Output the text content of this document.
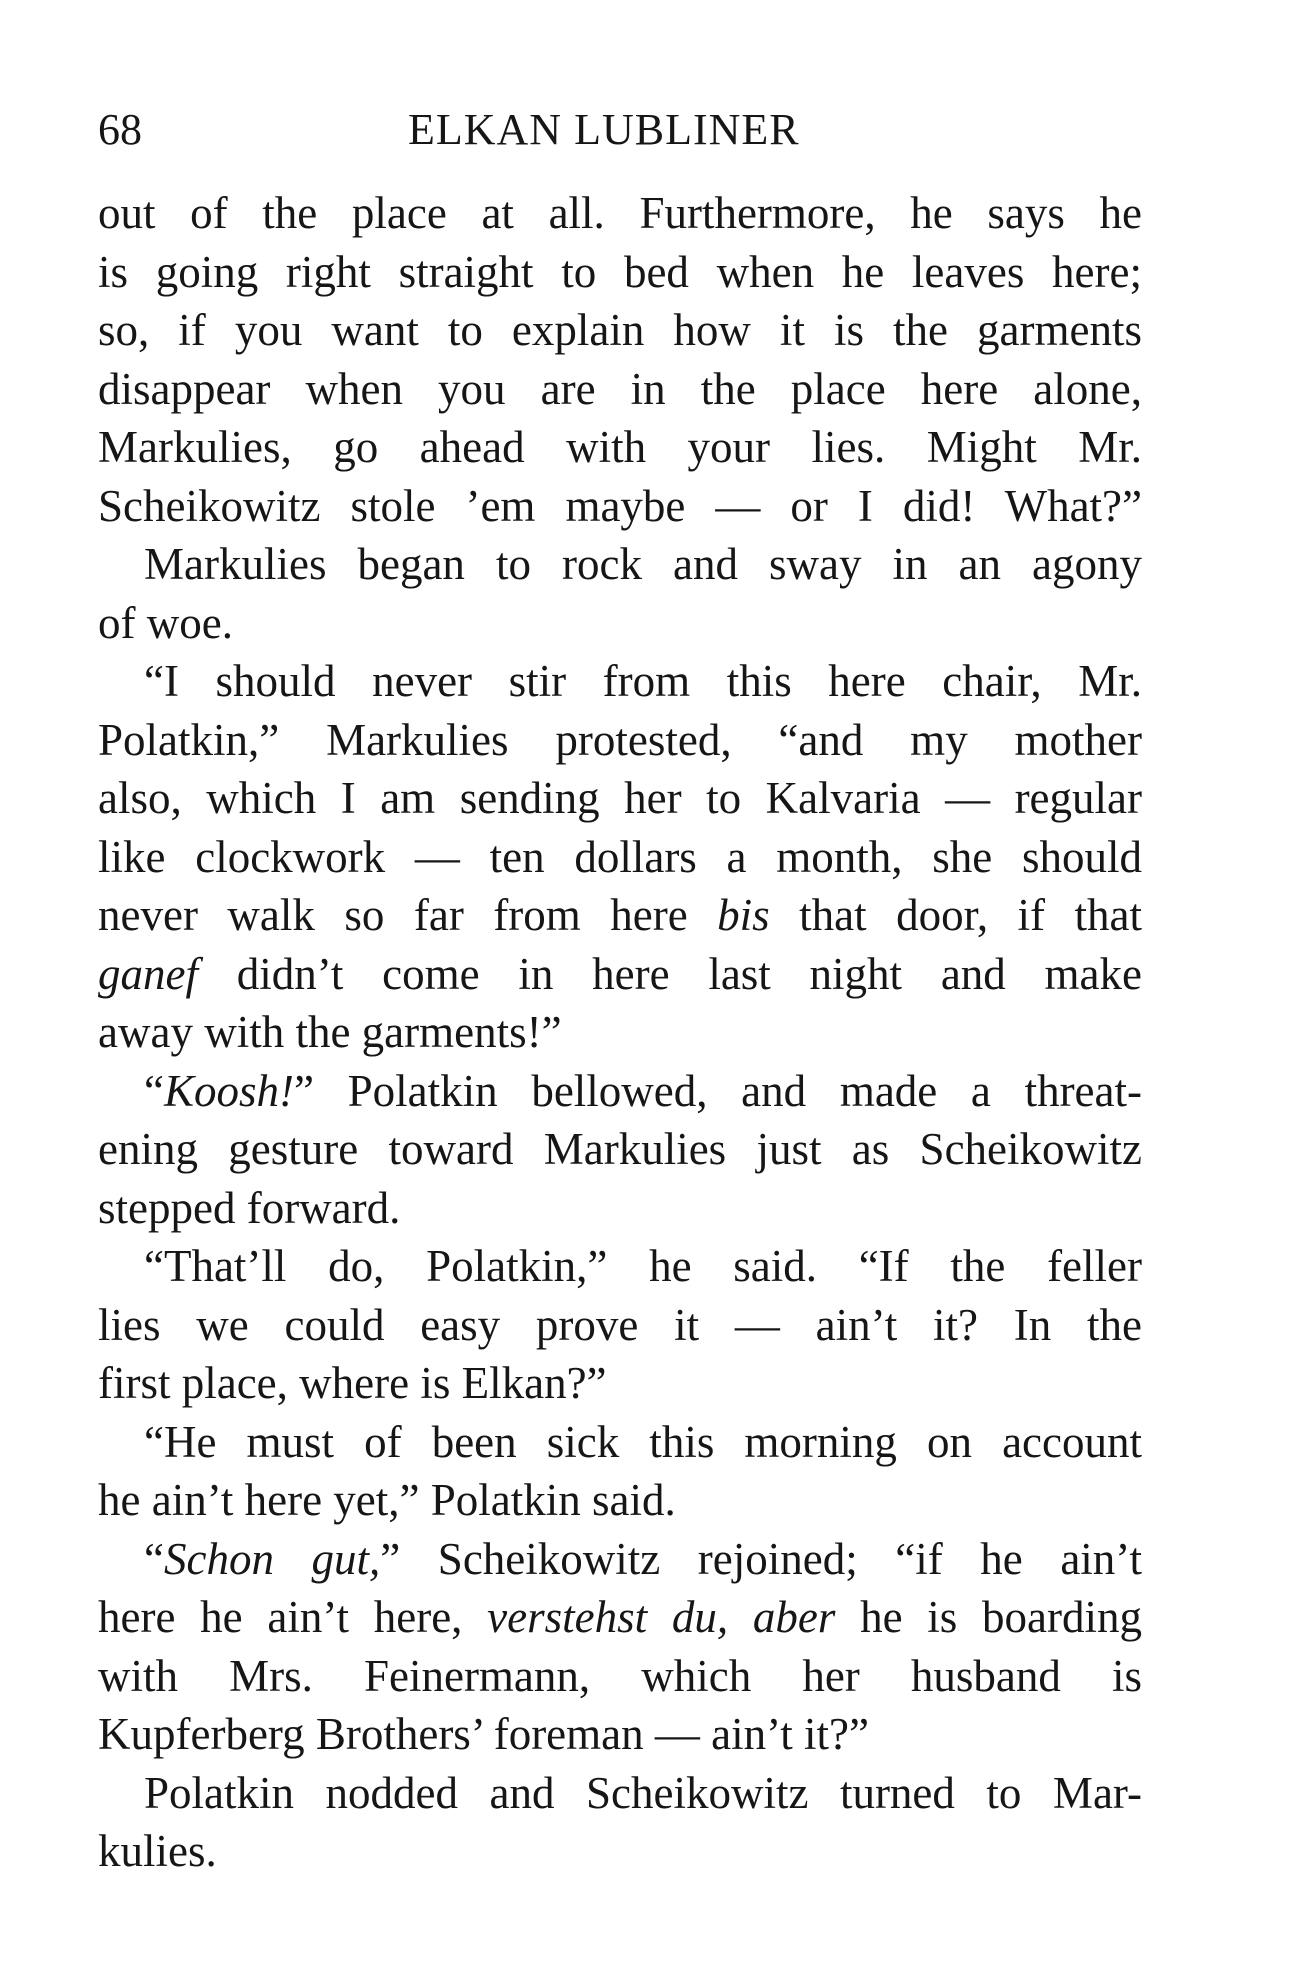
68	ELKAN LUBLINER
out of the place at all. Furthermore, he says he
is going right straight to bed when he leaves here;
so, if you want to explain how it is the garments
disappear when you are in the place here alone,
Markulies, go ahead with your lies. Might Mr.
Scheikowitz stole ’em maybe — or I did! What?”
Markulies began to rock and sway in an agony
of woe.
“I should never stir from this here chair, Mr.
Polatkin,” Markulies protested, “and my mother
also, which I am sending her to Kalvaria — regular
like clockwork — ten dollars a month, she should
never walk so far from here bis that door, if that
ganef didn’t come in here last night and make
away with the garments!”
“Koosh!” Polatkin bellowed, and made a threat-
ening gesture toward Markulies just as Scheikowitz
stepped forward.
“That’ll do, Polatkin,” he said. “If the feller
lies we could easy prove it — ain’t it? In the
first place, where is Elkan?”
“He must of been sick this morning on account
he ain’t here yet,” Polatkin said.
“Schon gut,” Scheikowitz rejoined; “if he ain’t
here he ain’t here, verstehst du, aber he is boarding
with Mrs. Feinermann, which her husband is
Kupferberg Brothers’ foreman — ain’t it?”
Polatkin nodded and Scheikowitz turned to Mar-
kulies.
